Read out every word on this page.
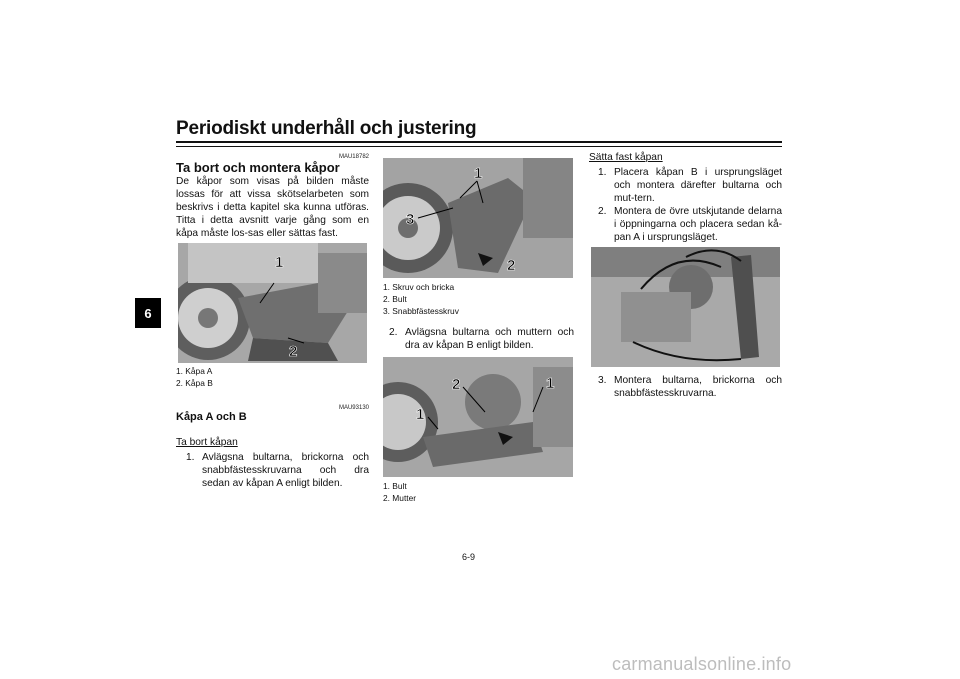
Periodiskt underhåll och justering
6
MAU18782
Ta bort och montera kåpor
De kåpor som visas på bilden måste lossas för att vissa skötselarbeten som beskrivs i detta kapitel ska kunna utföras. Titta i detta avsnitt varje gång som en kåpa måste los-sas eller sättas fast.
1
2
1. Kåpa A
2. Kåpa B
MAU93130
Kåpa A och B
Ta bort kåpan
1. Avlägsna bultarna, brickorna och snabbfästesskruvarna och dra sedan av kåpan A enligt bilden.
1
3
2
1. Skruv och bricka
2. Bult
3. Snabbfästesskruv
2. Avlägsna bultarna och muttern och dra av kåpan B enligt bilden.
2	1
1
1. Bult
2. Mutter
Sätta fast kåpan
1. Placera kåpan B i ursprungsläget och montera därefter bultarna och mut-tern.
2. Montera de övre utskjutande delarna i öppningarna och placera sedan kå-pan A i ursprungsläget.
3. Montera bultarna, brickorna och snabbfästesskruvarna.
6-9
carmanualsonline.info
